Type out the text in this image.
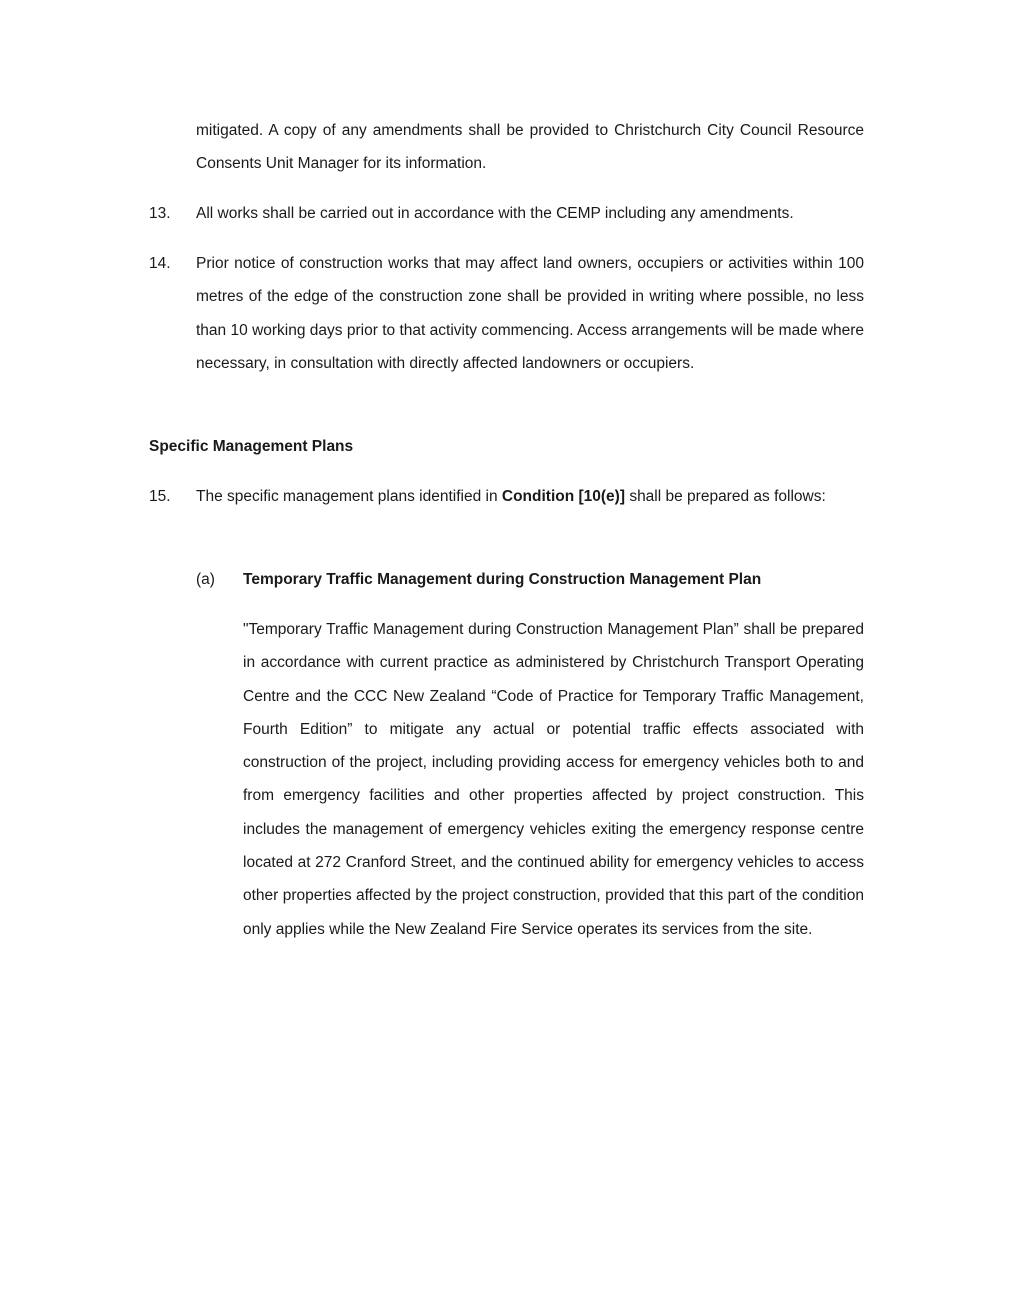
mitigated. A copy of any amendments shall be provided to Christchurch City Council Resource Consents Unit Manager for its information.

13. All works shall be carried out in accordance with the CEMP including any amendments.

14. Prior notice of construction works that may affect land owners, occupiers or activities within 100 metres of the edge of the construction zone shall be provided in writing where possible, no less than 10 working days prior to that activity commencing. Access arrangements will be made where necessary, in consultation with directly affected landowners or occupiers.

Specific Management Plans
15. The specific management plans identified in Condition [10(e)] shall be prepared as follows:

(a) Temporary Traffic Management during Construction Management Plan

"Temporary Traffic Management during Construction Management Plan” shall be prepared in accordance with current practice as administered by Christchurch Transport Operating Centre and the CCC New Zealand “Code of Practice for Temporary Traffic Management, Fourth Edition” to mitigate any actual or potential traffic effects associated with construction of the project, including providing access for emergency vehicles both to and from emergency facilities and other properties affected by project construction. This includes the management of emergency vehicles exiting the emergency response centre located at 272 Cranford Street, and the continued ability for emergency vehicles to access other properties affected by the project construction, provided that this part of the condition only applies while the New Zealand Fire Service operates its services from the site.
